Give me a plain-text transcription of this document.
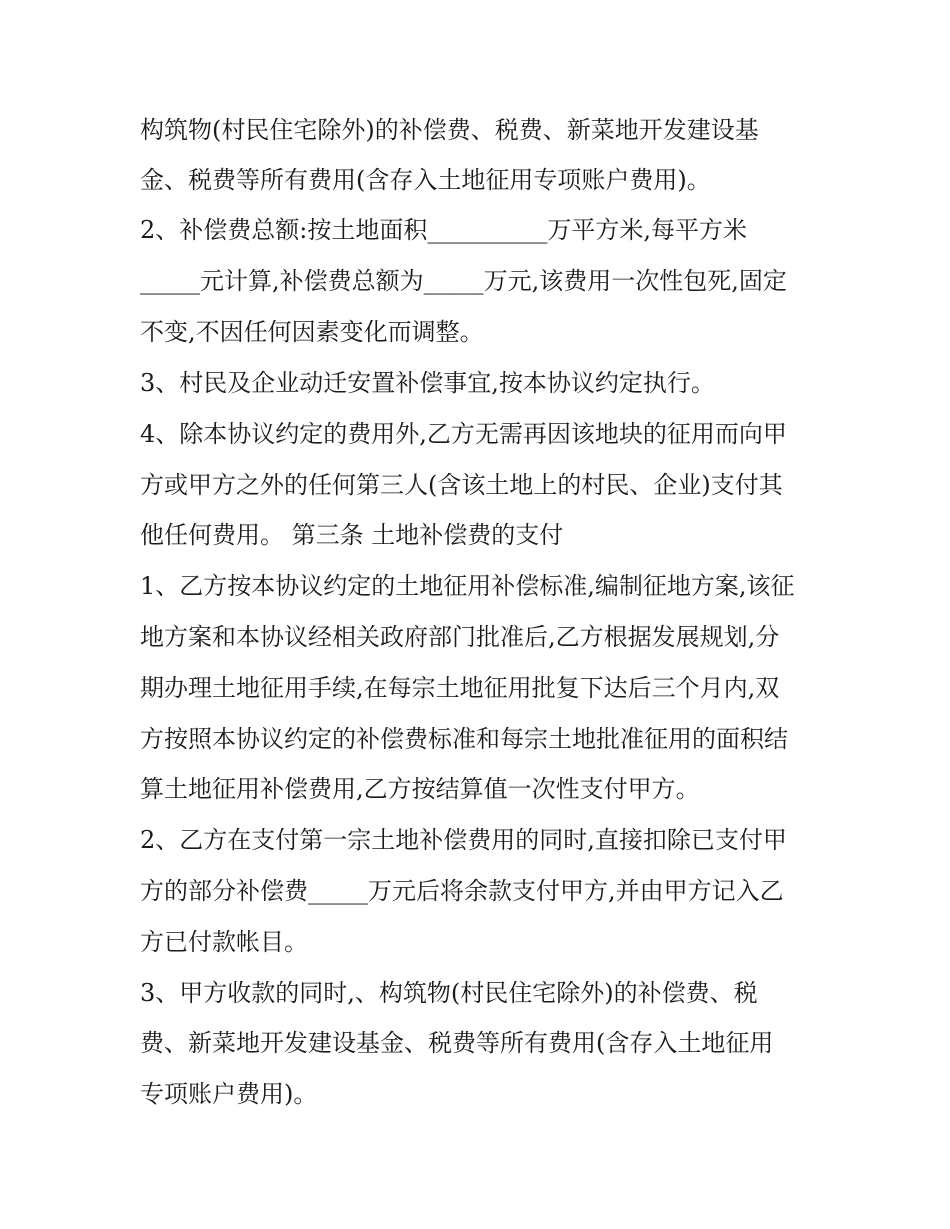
构筑物(村民住宅除外)的补偿费、税费、新菜地开发建设基
金、税费等所有费用(含存入土地征用专项账户费用)。
2、补偿费总额:按土地面积__________万平方米,每平方米
_____元计算,补偿费总额为_____万元,该费用一次性包死,固定
不变,不因任何因素变化而调整。
3、村民及企业动迁安置补偿事宜,按本协议约定执行。
4、除本协议约定的费用外,乙方无需再因该地块的征用而向甲
方或甲方之外的任何第三人(含该土地上的村民、企业)支付其
他任何费用。 第三条 土地补偿费的支付
1、乙方按本协议约定的土地征用补偿标准,编制征地方案,该征
地方案和本协议经相关政府部门批准后,乙方根据发展规划,分
期办理土地征用手续,在每宗土地征用批复下达后三个月内,双
方按照本协议约定的补偿费标准和每宗土地批准征用的面积结
算土地征用补偿费用,乙方按结算值一次性支付甲方。
2、乙方在支付第一宗土地补偿费用的同时,直接扣除已支付甲
方的部分补偿费_____万元后将余款支付甲方,并由甲方记入乙
方已付款帐目。
3、甲方收款的同时,、构筑物(村民住宅除外)的补偿费、税
费、新菜地开发建设基金、税费等所有费用(含存入土地征用
专项账户费用)。
